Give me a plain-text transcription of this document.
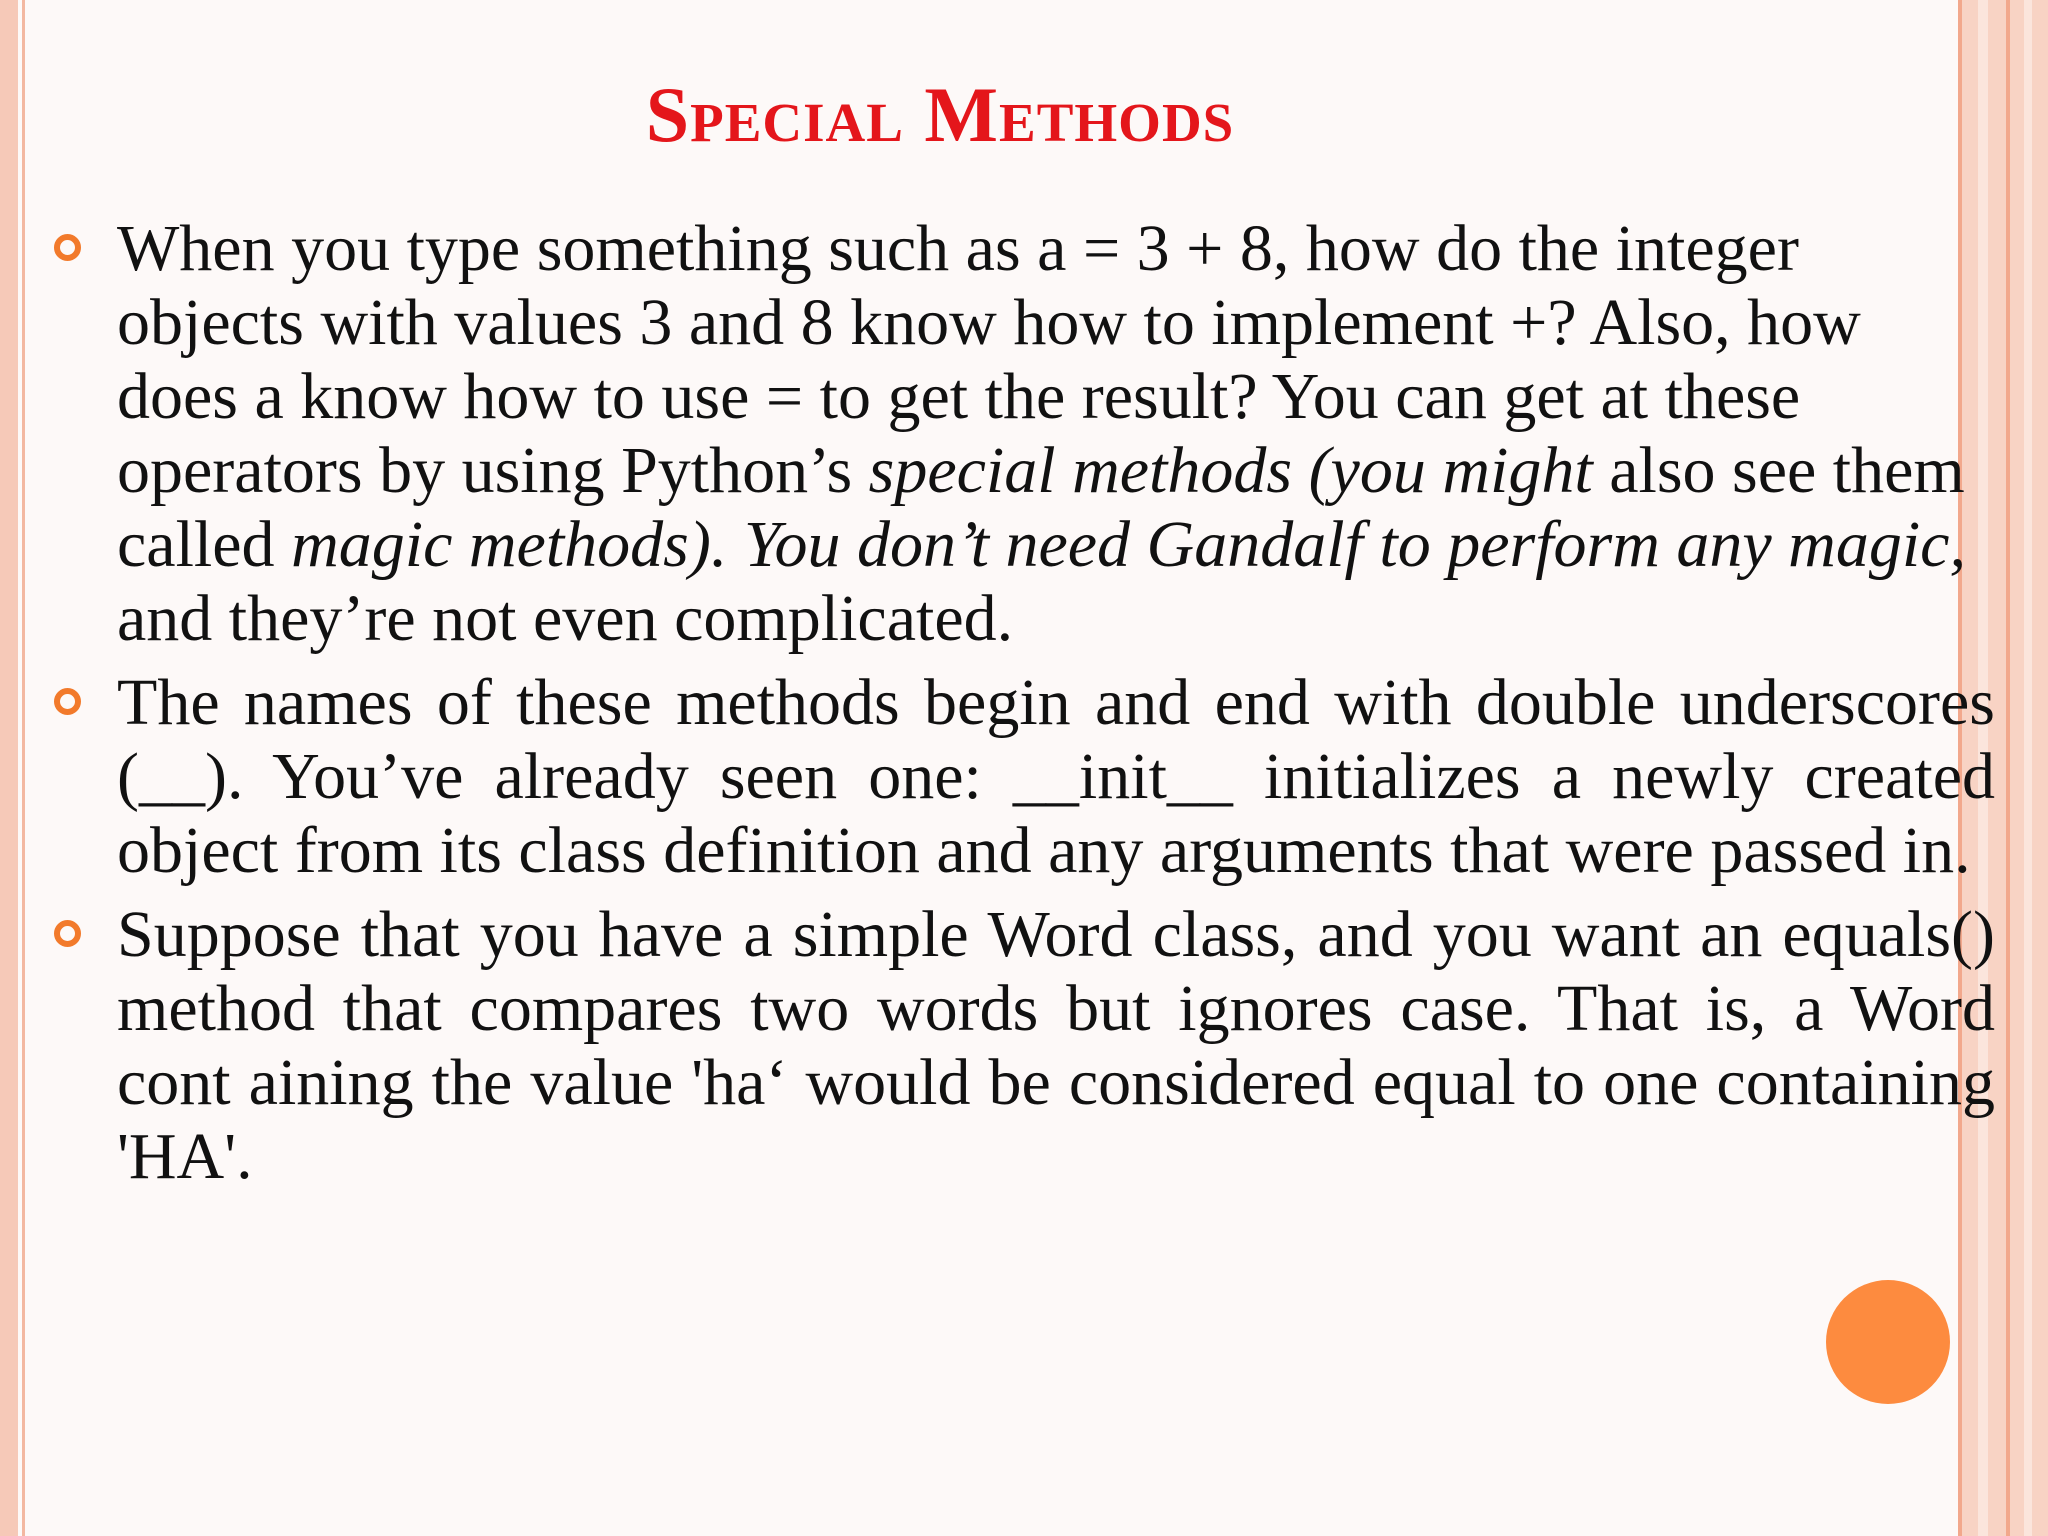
Special Methods
When you type something such as a = 3 + 8, how do the integer objects with values 3 and 8 know how to implement +? Also, how does a know how to use = to get the result? You can get at these operators by using Python’s special methods (you might also see them called magic methods). You don’t need Gandalf to perform any magic, and they’re not even complicated.
The names of these methods begin and end with double underscores (__). You’ve already seen one: __init__ initializes a newly created object from its class definition and any arguments that were passed in.
Suppose that you have a simple Word class, and you want an equals() method that compares two words but ignores case. That is, a Word cont aining the value 'ha‘ would be considered equal to one containing 'HA'.
